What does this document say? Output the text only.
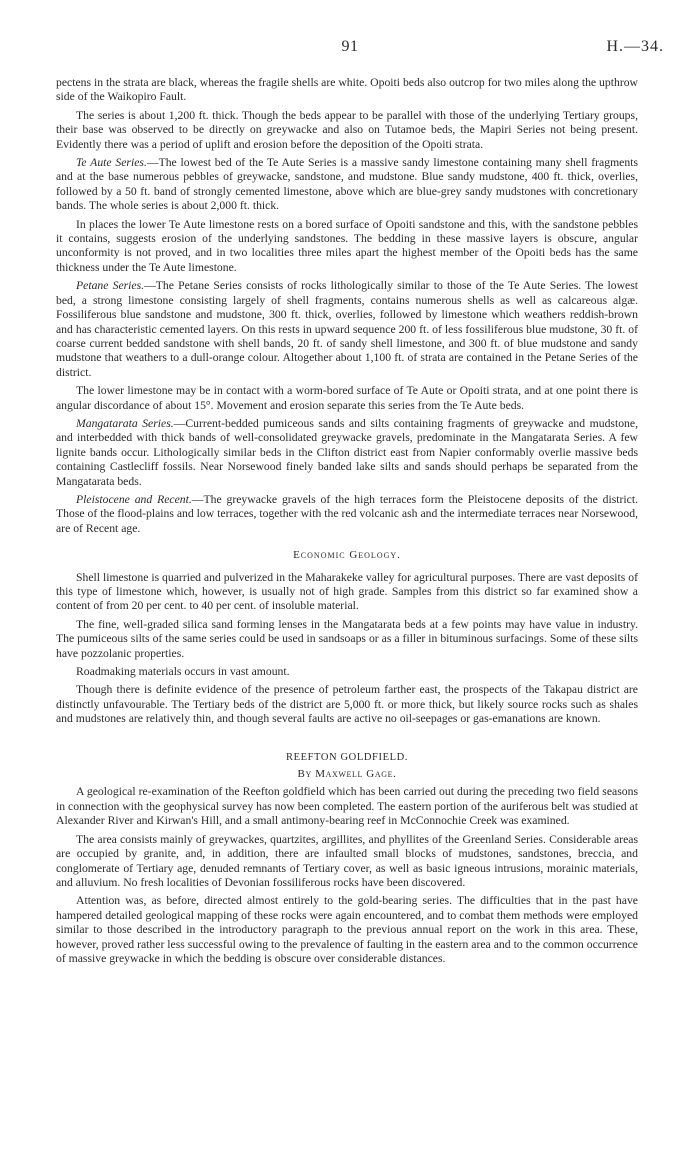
91	H.—34.

pectens in the strata are black, whereas the fragile shells are white. Opoiti beds also outcrop for two miles along the upthrow side of the Waikopiro Fault.

The series is about 1,200 ft. thick. Though the beds appear to be parallel with those of the underlying Tertiary groups, their base was observed to be directly on greywacke and also on Tutamoe beds, the Mapiri Series not being present. Evidently there was a period of uplift and erosion before the deposition of the Opoiti strata.

Te Aute Series.—The lowest bed of the Te Aute Series is a massive sandy limestone containing many shell fragments and at the base numerous pebbles of greywacke, sandstone, and mudstone. Blue sandy mudstone, 400 ft. thick, overlies, followed by a 50 ft. band of strongly cemented limestone, above which are blue-grey sandy mudstones with concretionary bands. The whole series is about 2,000 ft. thick.

In places the lower Te Aute limestone rests on a bored surface of Opoiti sandstone and this, with the sandstone pebbles it contains, suggests erosion of the underlying sandstones. The bedding in these massive layers is obscure, angular unconformity is not proved, and in two localities three miles apart the highest member of the Opoiti beds has the same thickness under the Te Aute limestone.

Petane Series.—The Petane Series consists of rocks lithologically similar to those of the Te Aute Series. The lowest bed, a strong limestone consisting largely of shell fragments, contains numerous shells as well as calcareous algæ. Fossiliferous blue sandstone and mudstone, 300 ft. thick, overlies, followed by limestone which weathers reddish-brown and has characteristic cemented layers. On this rests in upward sequence 200 ft. of less fossiliferous blue mudstone, 30 ft. of coarse current bedded sandstone with shell bands, 20 ft. of sandy shell limestone, and 300 ft. of blue mudstone and sandy mudstone that weathers to a dull-orange colour. Altogether about 1,100 ft. of strata are contained in the Petane Series of the district.

The lower limestone may be in contact with a worm-bored surface of Te Aute or Opoiti strata, and at one point there is angular discordance of about 15°. Movement and erosion separate this series from the Te Aute beds.

Mangatarata Series.—Current-bedded pumiceous sands and silts containing fragments of greywacke and mudstone, and interbedded with thick bands of well-consolidated greywacke gravels, predominate in the Mangatarata Series. A few lignite bands occur. Lithologically similar beds in the Clifton district east from Napier conformably overlie massive beds containing Castlecliff fossils. Near Norsewood finely banded lake silts and sands should perhaps be separated from the Mangatarata beds.

Pleistocene and Recent.—The greywacke gravels of the high terraces form the Pleistocene deposits of the district. Those of the flood-plains and low terraces, together with the red volcanic ash and the intermediate terraces near Norsewood, are of Recent age.

Economic Geology.

Shell limestone is quarried and pulverized in the Maharakeke valley for agricultural purposes. There are vast deposits of this type of limestone which, however, is usually not of high grade. Samples from this district so far examined show a content of from 20 per cent. to 40 per cent. of insoluble material.

The fine, well-graded silica sand forming lenses in the Mangatarata beds at a few points may have value in industry. The pumiceous silts of the same series could be used in sandsoaps or as a filler in bituminous surfacings. Some of these silts have pozzolanic properties.

Roadmaking materials occurs in vast amount.

Though there is definite evidence of the presence of petroleum farther east, the prospects of the Takapau district are distinctly unfavourable. The Tertiary beds of the district are 5,000 ft. or more thick, but likely source rocks such as shales and mudstones are relatively thin, and though several faults are active no oil-seepages or gas-emanations are known.

REEFTON GOLDFIELD.
By Maxwell Gage.

A geological re-examination of the Reefton goldfield which has been carried out during the preceding two field seasons in connection with the geophysical survey has now been completed. The eastern portion of the auriferous belt was studied at Alexander River and Kirwan's Hill, and a small antimony-bearing reef in McConnochie Creek was examined.

The area consists mainly of greywackes, quartzites, argillites, and phyllites of the Greenland Series. Considerable areas are occupied by granite, and, in addition, there are infaulted small blocks of mudstones, sandstones, breccia, and conglomerate of Tertiary age, denuded remnants of Tertiary cover, as well as basic igneous intrusions, morainic materials, and alluvium. No fresh localities of Devonian fossiliferous rocks have been discovered.

Attention was, as before, directed almost entirely to the gold-bearing series. The difficulties that in the past have hampered detailed geological mapping of these rocks were again encountered, and to combat them methods were employed similar to those described in the introductory paragraph to the previous annual report on the work in this area. These, however, proved rather less successful owing to the prevalence of faulting in the eastern area and to the common occurrence of massive greywacke in which the bedding is obscure over considerable distances.
